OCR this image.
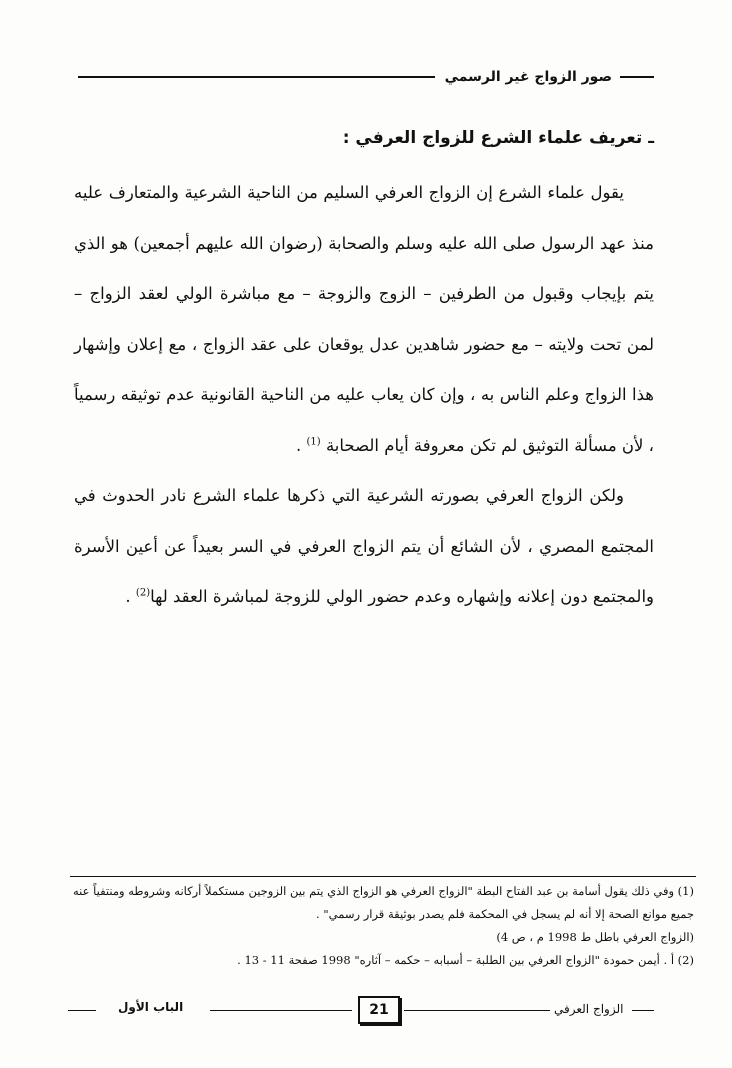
صور الزواج غير الرسمي
ـ تعريف علماء الشرع للزواج العرفي :

يقول علماء الشرع إن الزواج العرفي السليم من الناحية الشرعية والمتعارف عليه منذ عهد الرسول صلى الله عليه وسلم والصحابة (رضوان الله عليهم أجمعين) هو الذي يتم بإيجاب وقبول من الطرفين – الزوج والزوجة – مع مباشرة الولي لعقد الزواج – لمن تحت ولايته – مع حضور شاهدين عدل يوقعان على عقد الزواج ، مع إعلان وإشهار هذا الزواج وعلم الناس به ، وإن كان يعاب عليه من الناحية القانونية عدم توثيقه رسمياً ، لأن مسألة التوثيق لم تكن معروفة أيام الصحابة $^{(1)}$ .

ولكن الزواج العرفي بصورته الشرعية التي ذكرها علماء الشرع نادر الحدوث في المجتمع المصري ، لأن الشائع أن يتم الزواج العرفي في السر بعيداً عن أعين الأسرة والمجتمع دون إعلانه وإشهاره وعدم حضور الولي للزوجة لمباشرة العقد لها$^{(2)}$ .

(1) وفي ذلك يقول أسامة بن عبد الفتاح البطة "الزواج العرفي هو الزواج الذي يتم بين الزوجين مستكملاً أركانه وشروطه ومنتفياً عنه جميع موانع الصحة إلا أنه لم يسجل في المحكمة فلم يصدر بوثيقة قرار رسمي" .

(الزواج العرفي باطل ط 1998 م ، ص 4)

(2) أ . أيمن حمودة "الزواج العرفي بين الطلبة – أسبابه – حكمه – آثاره" 1998 صفحة 11 - 13 .

الباب الأول	21	الزواج العرفي
